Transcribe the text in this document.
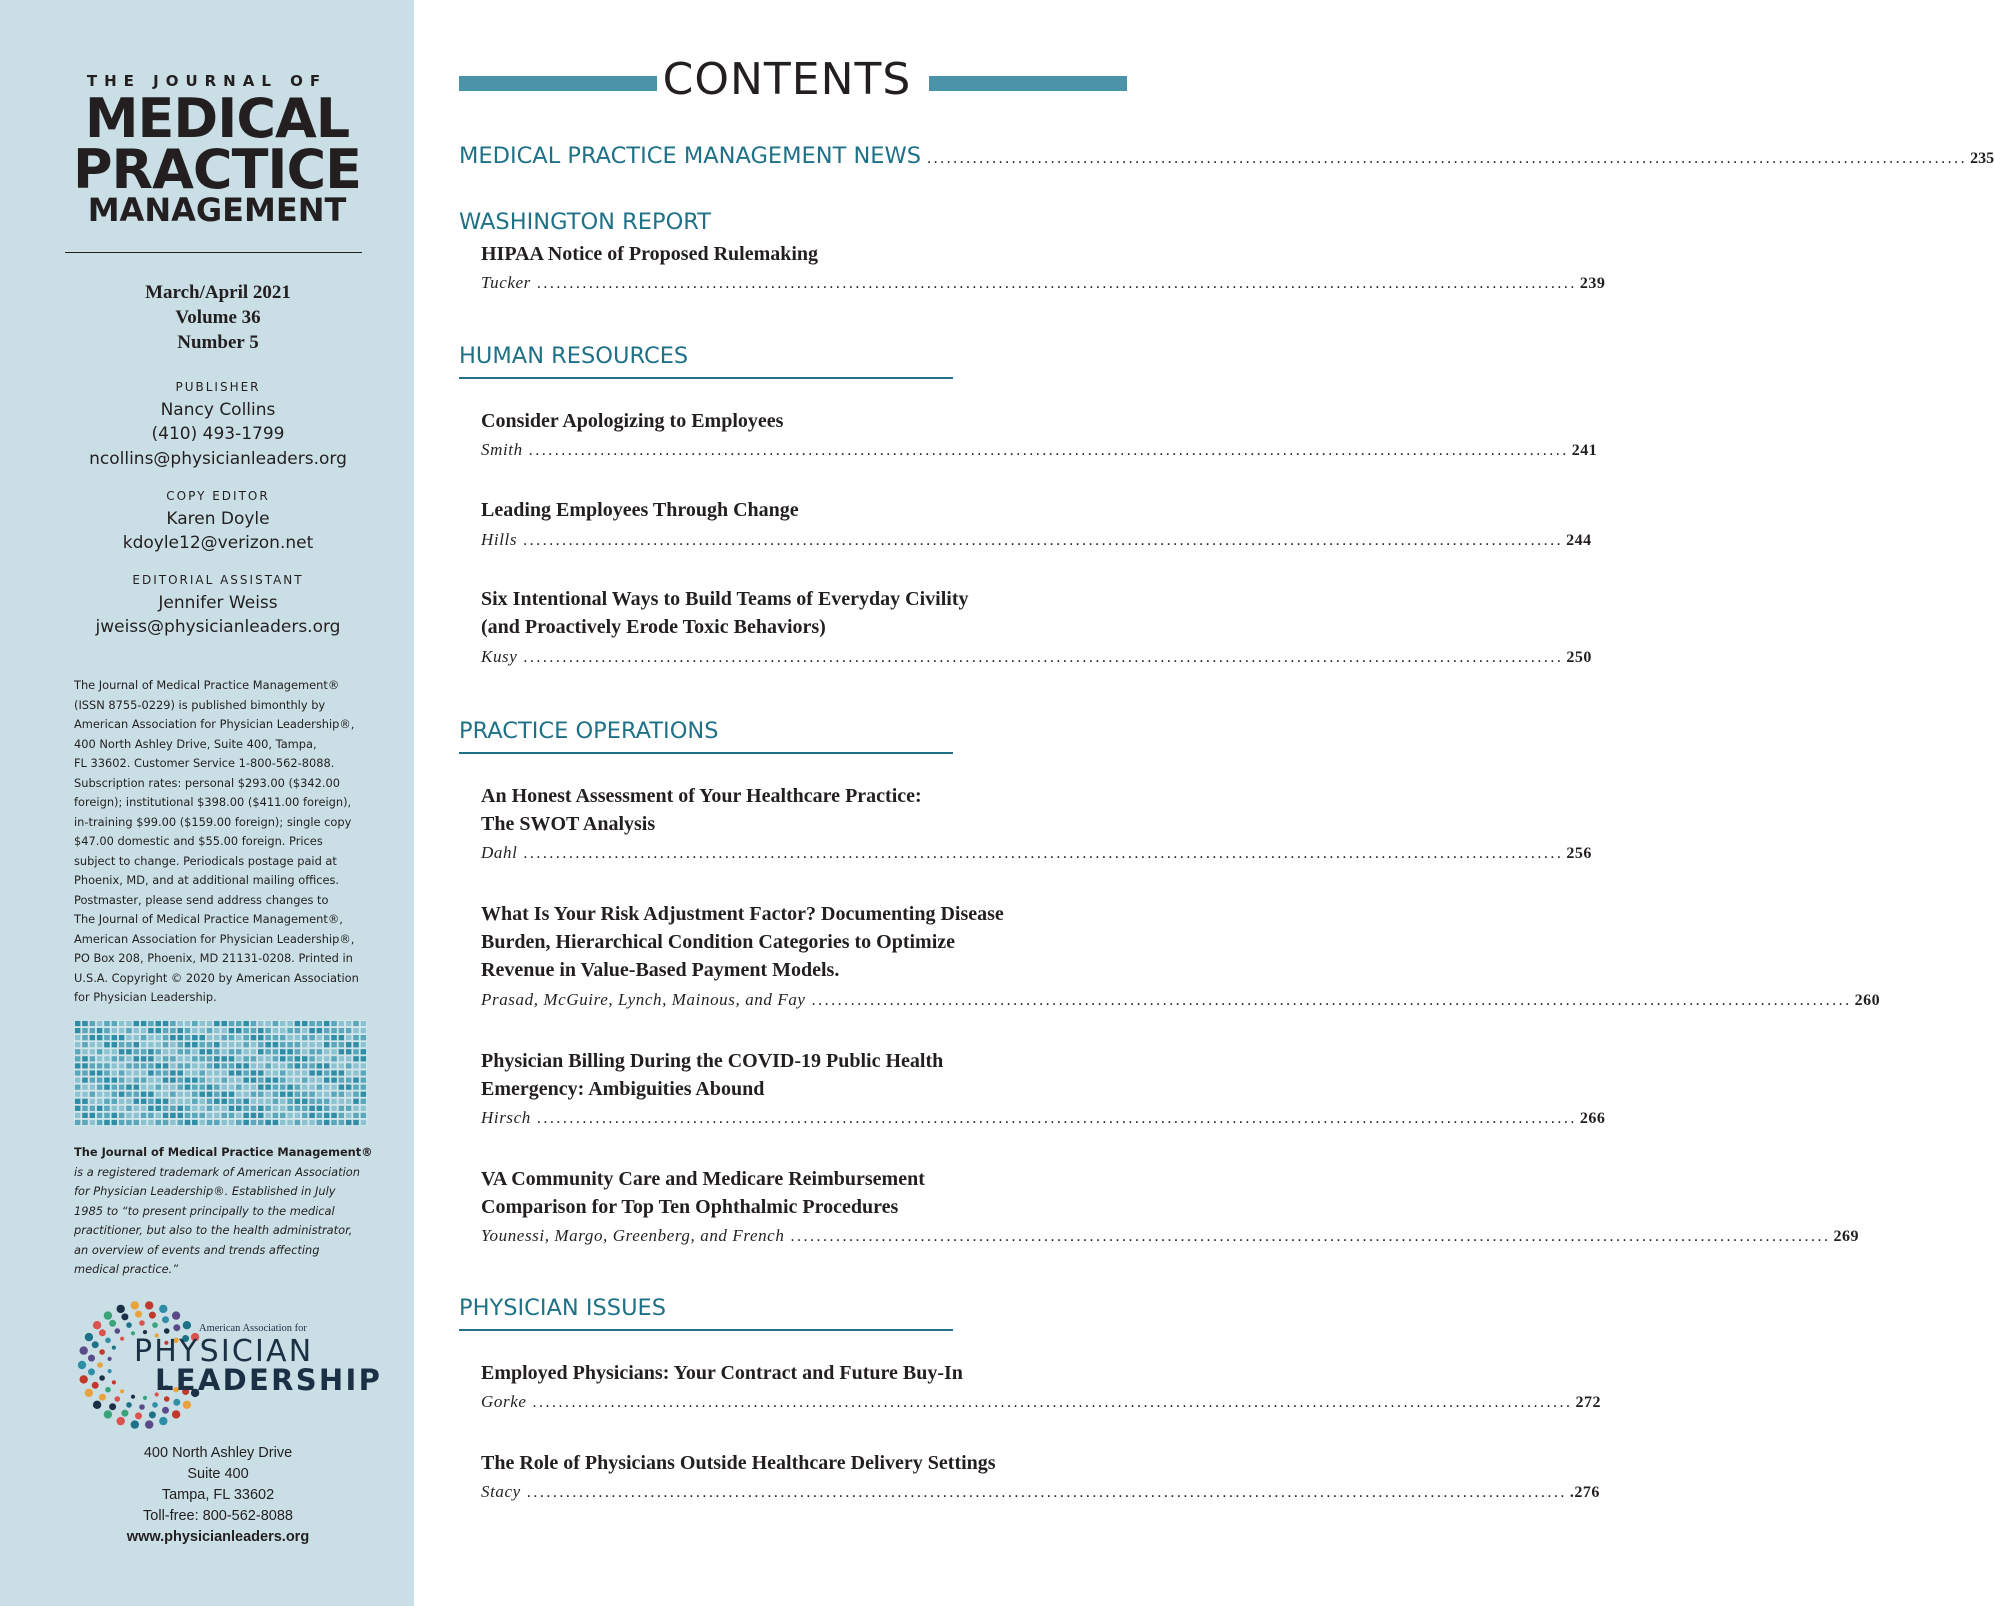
THE JOURNAL OF
MEDICAL
PRACTICE
MANAGEMENT
March/April 2021
Volume 36
Number 5
PUBLISHER
Nancy Collins
(410) 493-1799
ncollins@physicianleaders.org
COPY EDITOR
Karen Doyle
kdoyle12@verizon.net
EDITORIAL ASSISTANT
Jennifer Weiss
jweiss@physicianleaders.org
The Journal of Medical Practice Management®
(ISSN 8755-0229) is published bimonthly by
American Association for Physician Leadership®,
400 North Ashley Drive, Suite 400, Tampa,
FL 33602. Customer Service 1-800-562-8088.
Subscription rates: personal $293.00 ($342.00
foreign); institutional $398.00 ($411.00 foreign),
in-training $99.00 ($159.00 foreign); single copy
$47.00 domestic and $55.00 foreign. Prices
subject to change. Periodicals postage paid at
Phoenix, MD, and at additional mailing offices.
Postmaster, please send address changes to
The Journal of Medical Practice Management®,
American Association for Physician Leadership®,
PO Box 208, Phoenix, MD 21131-0208. Printed in
U.S.A. Copyright © 2020 by American Association
for Physician Leadership.
The Journal of Medical Practice Management®
is a registered trademark of American Association
for Physician Leadership®. Established in July
1985 to “to present principally to the medical
practitioner, but also to the health administrator,
an overview of events and trends affecting
medical practice.”
American Association for
PHYSICIAN
LEADERSHIP
400 North Ashley Drive
Suite 400
Tampa, FL 33602
Toll-free: 800-562-8088
www.physicianleaders.org
CONTENTS
MEDICAL PRACTICE MANAGEMENT NEWS ................................................................................................................................................................ 235
WASHINGTON REPORT
HIPAA Notice of Proposed Rulemaking
Tucker ................................................................................................................................................................ 239
HUMAN RESOURCES
Consider Apologizing to Employees
Smith ................................................................................................................................................................ 241
Leading Employees Through Change
Hills ................................................................................................................................................................ 244
Six Intentional Ways to Build Teams of Everyday Civility
(and Proactively Erode Toxic Behaviors)
Kusy ................................................................................................................................................................ 250
PRACTICE OPERATIONS
An Honest Assessment of Your Healthcare Practice:
The SWOT Analysis
Dahl ................................................................................................................................................................ 256
What Is Your Risk Adjustment Factor? Documenting Disease
Burden, Hierarchical Condition Categories to Optimize
Revenue in Value-Based Payment Models.
Prasad, McGuire, Lynch, Mainous, and Fay ................................................................................................................................................................ 260
Physician Billing During the COVID-19 Public Health
Emergency: Ambiguities Abound
Hirsch ................................................................................................................................................................ 266
VA Community Care and Medicare Reimbursement
Comparison for Top Ten Ophthalmic Procedures
Younessi, Margo, Greenberg, and French ................................................................................................................................................................ 269
PHYSICIAN ISSUES
Employed Physicians: Your Contract and Future Buy-In
Gorke ................................................................................................................................................................ 272
The Role of Physicians Outside Healthcare Delivery Settings
Stacy ................................................................................................................................................................ .276
